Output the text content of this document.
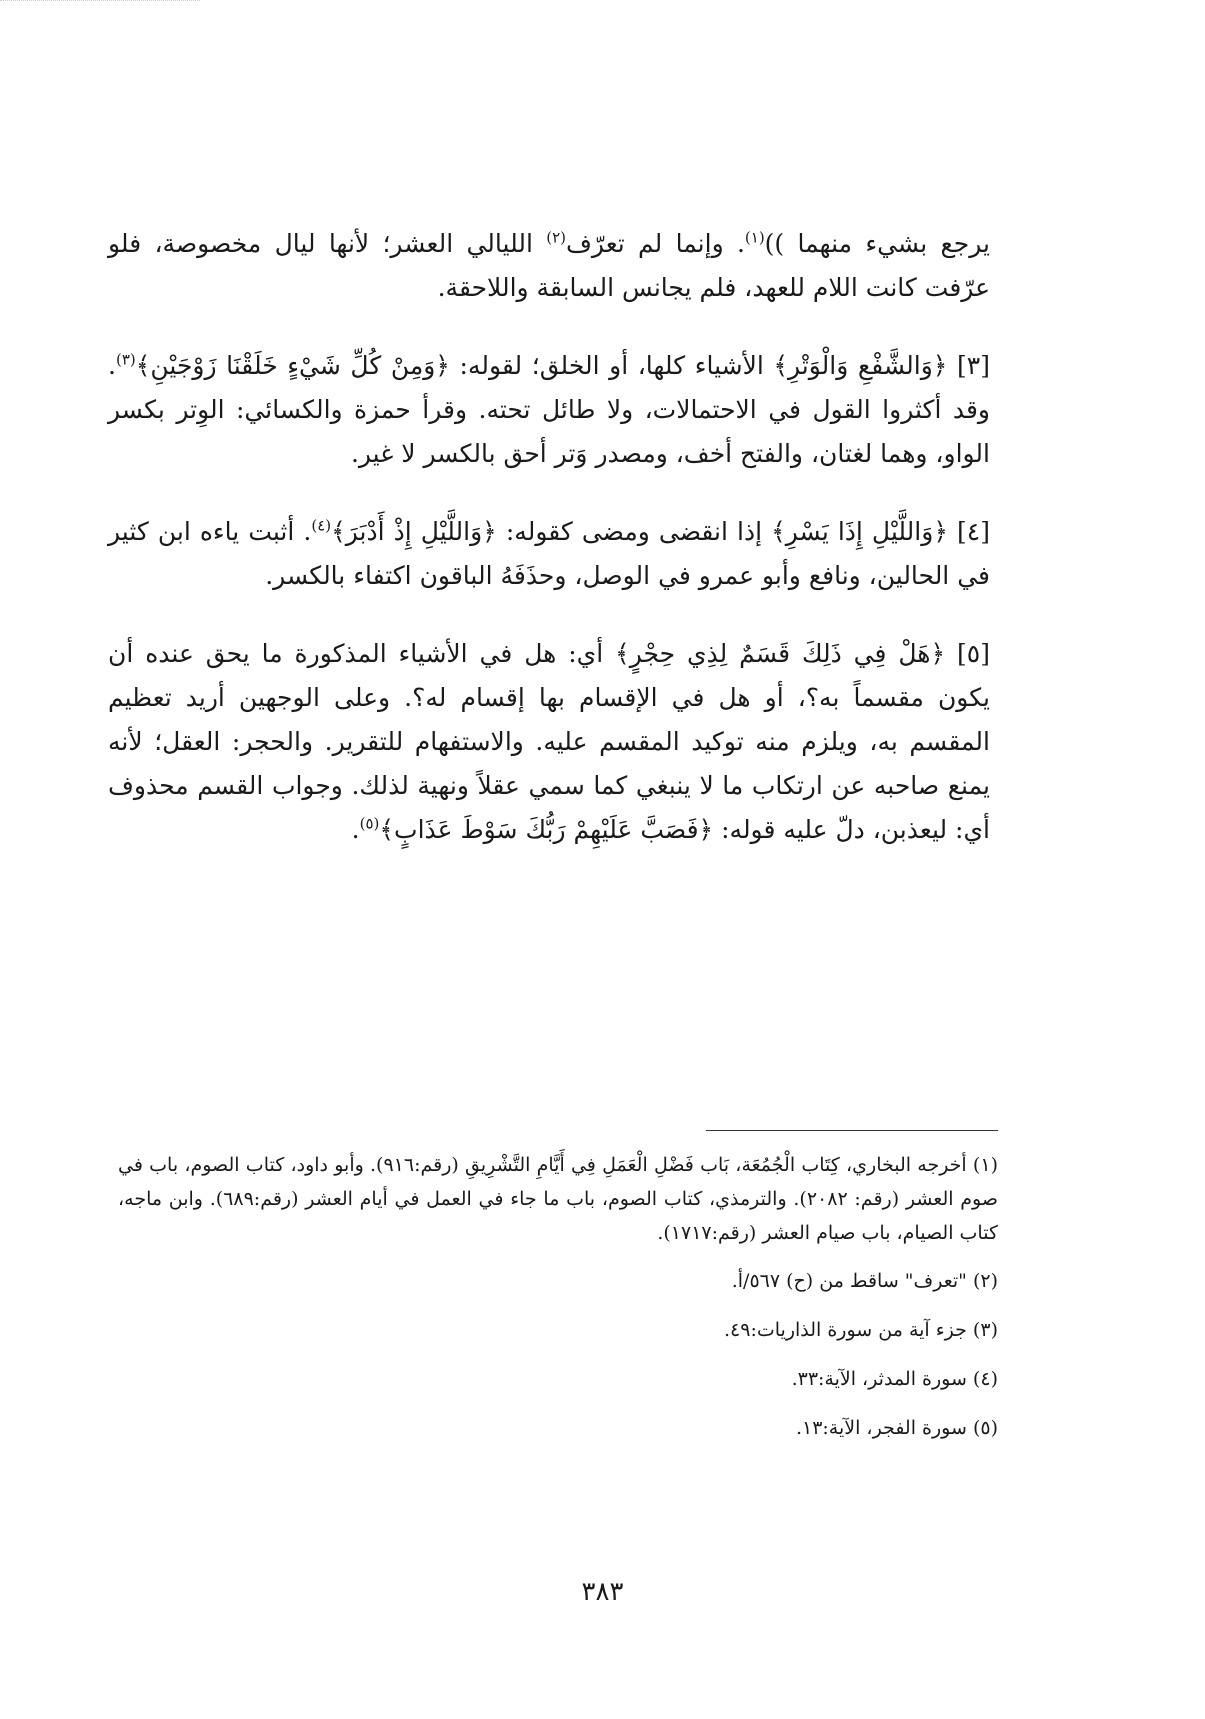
يرجع بشيء منهما ))$^{(١)}$. وإنما لم تعرّف$^{(٢)}$ الليالي العشر؛ لأنها ليال مخصوصة، فلو عرّفت كانت اللام للعهد، فلم يجانس السابقة واللاحقة.

[٣] ﴿وَالشَّفْعِ وَالْوَتْرِ﴾ الأشياء كلها، أو الخلق؛ لقوله: ﴿وَمِنْ كُلِّ شَيْءٍ خَلَقْنَا زَوْجَيْنِ﴾$^{(٣)}$. وقد أكثروا القول في الاحتمالات، ولا طائل تحته. وقرأ حمزة والكسائي: الوِتر بكسر الواو، وهما لغتان، والفتح أخف، ومصدر وَتر أحق بالكسر لا غير.

[٤] ﴿وَاللَّيْلِ إِذَا يَسْرِ﴾ إذا انقضى ومضى كقوله: ﴿وَاللَّيْلِ إِذْ أَدْبَرَ﴾$^{(٤)}$. أثبت ياءه ابن كثير في الحالين، ونافع وأبو عمرو في الوصل، وحذَفَهُ الباقون اكتفاء بالكسر.

[٥] ﴿هَلْ فِي ذَلِكَ قَسَمٌ لِذِي حِجْرٍ﴾ أي: هل في الأشياء المذكورة ما يحق عنده أن يكون مقسماً به؟، أو هل في الإقسام بها إقسام له؟. وعلى الوجهين أريد تعظيم المقسم به، ويلزم منه توكيد المقسم عليه. والاستفهام للتقرير. والحجر: العقل؛ لأنه يمنع صاحبه عن ارتكاب ما لا ينبغي كما سمي عقلاً ونهية لذلك. وجواب القسم محذوف أي: ليعذبن، دلّ عليه قوله: ﴿فَصَبَّ عَلَيْهِمْ رَبُّكَ سَوْطَ عَذَابٍ﴾$^{(٥)}$.

(١) أخرجه البخاري، كِتَاب الْجُمُعَة، بَاب فَضْلِ الْعَمَلِ فِي أَيَّامِ التَّشْرِيقِ (رقم:٩١٦). وأبو داود، كتاب الصوم، باب في صوم العشر (رقم: ٢٠٨٢). والترمذي، كتاب الصوم، باب ما جاء في العمل في أيام العشر (رقم:٦٨٩). وابن ماجه، كتاب الصيام، باب صيام العشر (رقم:١٧١٧).

(٢) "تعرف" ساقط من (ح) ٥٦٧/أ.

(٣) جزء آية من سورة الذاريات:٤٩.

(٤) سورة المدثر، الآية:٣٣.

(٥) سورة الفجر، الآية:١٣.

٣٨٣
